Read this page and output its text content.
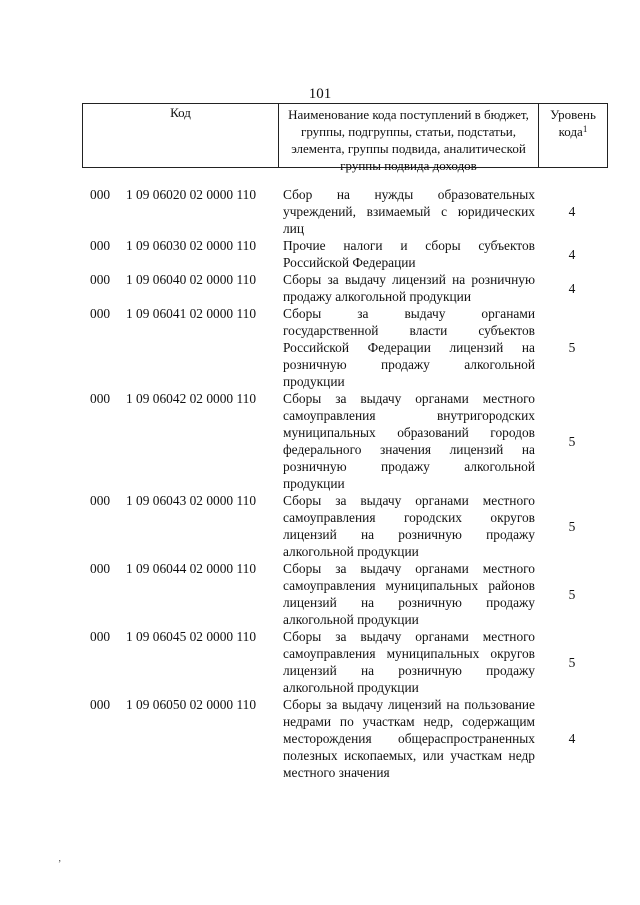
101
Код	Наименование кода поступлений в бюджет, группы, подгруппы, статьи, подстатьи, элемента, группы подвида, аналитической группы подвида доходов
Уровень кода$^1$
000 1 09 06020 02 0000 110 Сбор на нужды образовательных учреждений, взимаемый с юридических лиц
4
000 1 09 06030 02 0000 110 Прочие налоги и сборы субъектов Российской Федерации
4
000 1 09 06040 02 0000 110 Сборы за выдачу лицензий на розничную продажу алкогольной продукции
4
000 1 09 06041 02 0000 110 Сборы за выдачу органами государственной власти субъектов Российской Федерации лицензий на розничную продажу алкогольной продукции
5
000 1 09 06042 02 0000 110 Сборы за выдачу органами местного самоуправления внутригородских муниципальных образований городов федерального значения лицензий на розничную продажу алкогольной продукции
5
000 1 09 06043 02 0000 110 Сборы за выдачу органами местного самоуправления городских округов лицензий на розничную продажу алкогольной продукции
5
000 1 09 06044 02 0000 110 Сборы за выдачу органами местного самоуправления муниципальных районов лицензий на розничную продажу алкогольной продукции
5
000 1 09 06045 02 0000 110 Сборы за выдачу органами местного самоуправления муниципальных округов лицензий на розничную продажу алкогольной продукции
5
000 1 09 06050 02 0000 110 Сборы за выдачу лицензий на пользование недрами по участкам недр, содержащим месторождения общераспространенных полезных ископаемых, или участкам недр местного значения
4
‚
